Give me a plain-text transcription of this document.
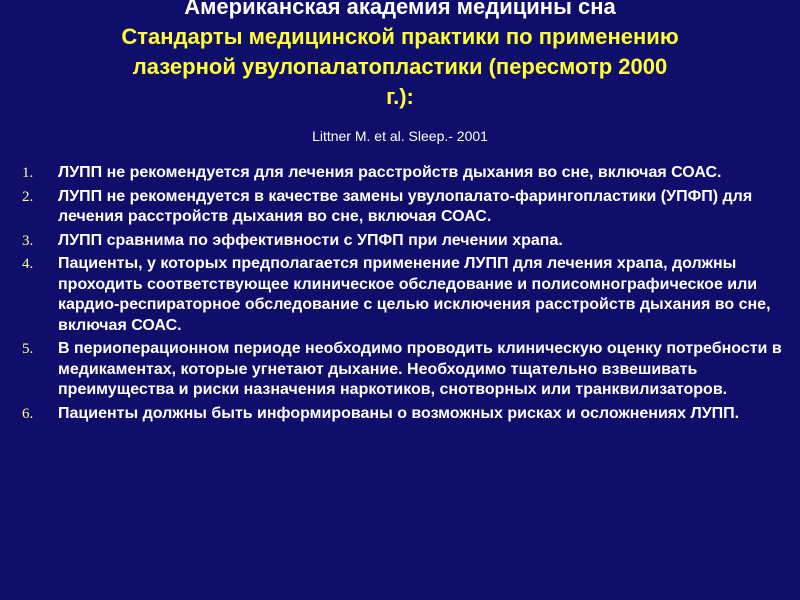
Американская академия медицины сна
Стандарты медицинской практики по применению
лазерной увулопалатопластики (пересмотр 2000
г.):
Littner M. et al. Sleep.- 2001
1. ЛУПП не рекомендуется для лечения расстройств дыхания во сне, включая СОАС.
2. ЛУПП не рекомендуется в качестве замены увулопалато-фарингопластики (УПФП) для лечения расстройств дыхания во сне, включая СОАС.
3. ЛУПП сравнима по эффективности с УПФП при лечении храпа.
4. Пациенты, у которых предполагается применение ЛУПП для лечения храпа, должны проходить соответствующее клиническое обследование и полисомнографическое или кардио-респираторное обследование с целью исключения расстройств дыхания во сне, включая СОАС.
5. В периоперационном периоде необходимо проводить клиническую оценку потребности в медикаментах, которые угнетают дыхание. Необходимо тщательно взвешивать преимущества и риски назначения наркотиков, снотворных или транквилизаторов.
6. Пациенты должны быть информированы о возможных рисках и осложнениях ЛУПП.
